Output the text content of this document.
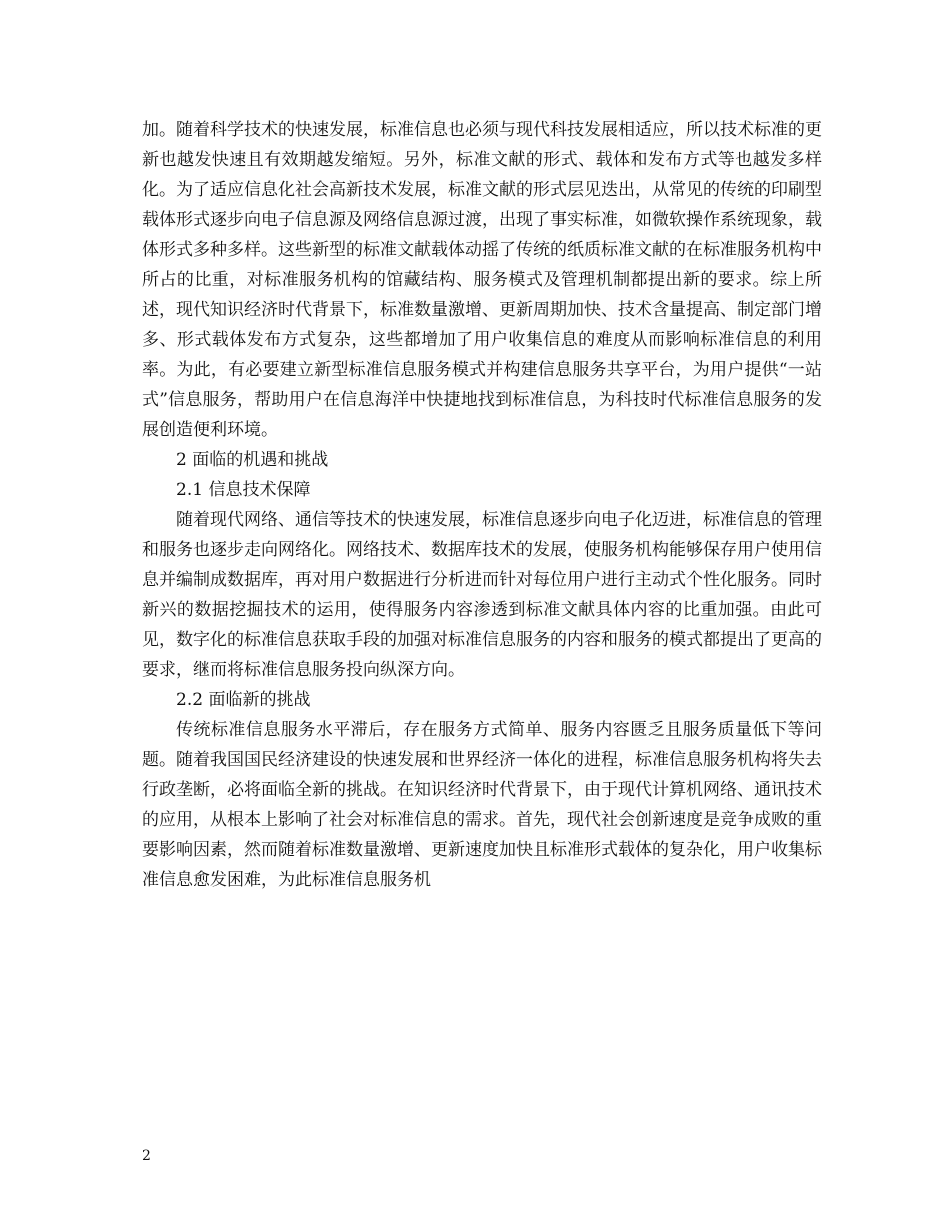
加。随着科学技术的快速发展，标准信息也必须与现代科技发展相适应，所以技术标准的更新也越发快速且有效期越发缩短。另外，标准文献的形式、载体和发布方式等也越发多样化。为了适应信息化社会高新技术发展，标准文献的形式层见迭出，从常见的传统的印刷型载体形式逐步向电子信息源及网络信息源过渡，出现了事实标准，如微软操作系统现象，载体形式多种多样。这些新型的标准文献载体动摇了传统的纸质标准文献的在标准服务机构中所占的比重，对标准服务机构的馆藏结构、服务模式及管理机制都提出新的要求。综上所述，现代知识经济时代背景下，标准数量激增、更新周期加快、技术含量提高、制定部门增多、形式载体发布方式复杂，这些都增加了用户收集信息的难度从而影响标准信息的利用率。为此，有必要建立新型标准信息服务模式并构建信息服务共享平台，为用户提供“一站式”信息服务，帮助用户在信息海洋中快捷地找到标准信息，为科技时代标准信息服务的发展创造便利环境。

2 面临的机遇和挑战

2.1 信息技术保障

随着现代网络、通信等技术的快速发展，标准信息逐步向电子化迈进，标准信息的管理和服务也逐步走向网络化。网络技术、数据库技术的发展，使服务机构能够保存用户使用信息并编制成数据库，再对用户数据进行分析进而针对每位用户进行主动式个性化服务。同时新兴的数据挖掘技术的运用，使得服务内容渗透到标准文献具体内容的比重加强。由此可见，数字化的标准信息获取手段的加强对标准信息服务的内容和服务的模式都提出了更高的要求，继而将标准信息服务投向纵深方向。

2.2 面临新的挑战

传统标准信息服务水平滞后，存在服务方式简单、服务内容匮乏且服务质量低下等问题。随着我国国民经济建设的快速发展和世界经济一体化的进程，标准信息服务机构将失去行政垄断，必将面临全新的挑战。在知识经济时代背景下，由于现代计算机网络、通讯技术的应用，从根本上影响了社会对标准信息的需求。首先，现代社会创新速度是竞争成败的重要影响因素，然而随着标准数量激增、更新速度加快且标准形式载体的复杂化，用户收集标准信息愈发困难，为此标准信息服务机

2
